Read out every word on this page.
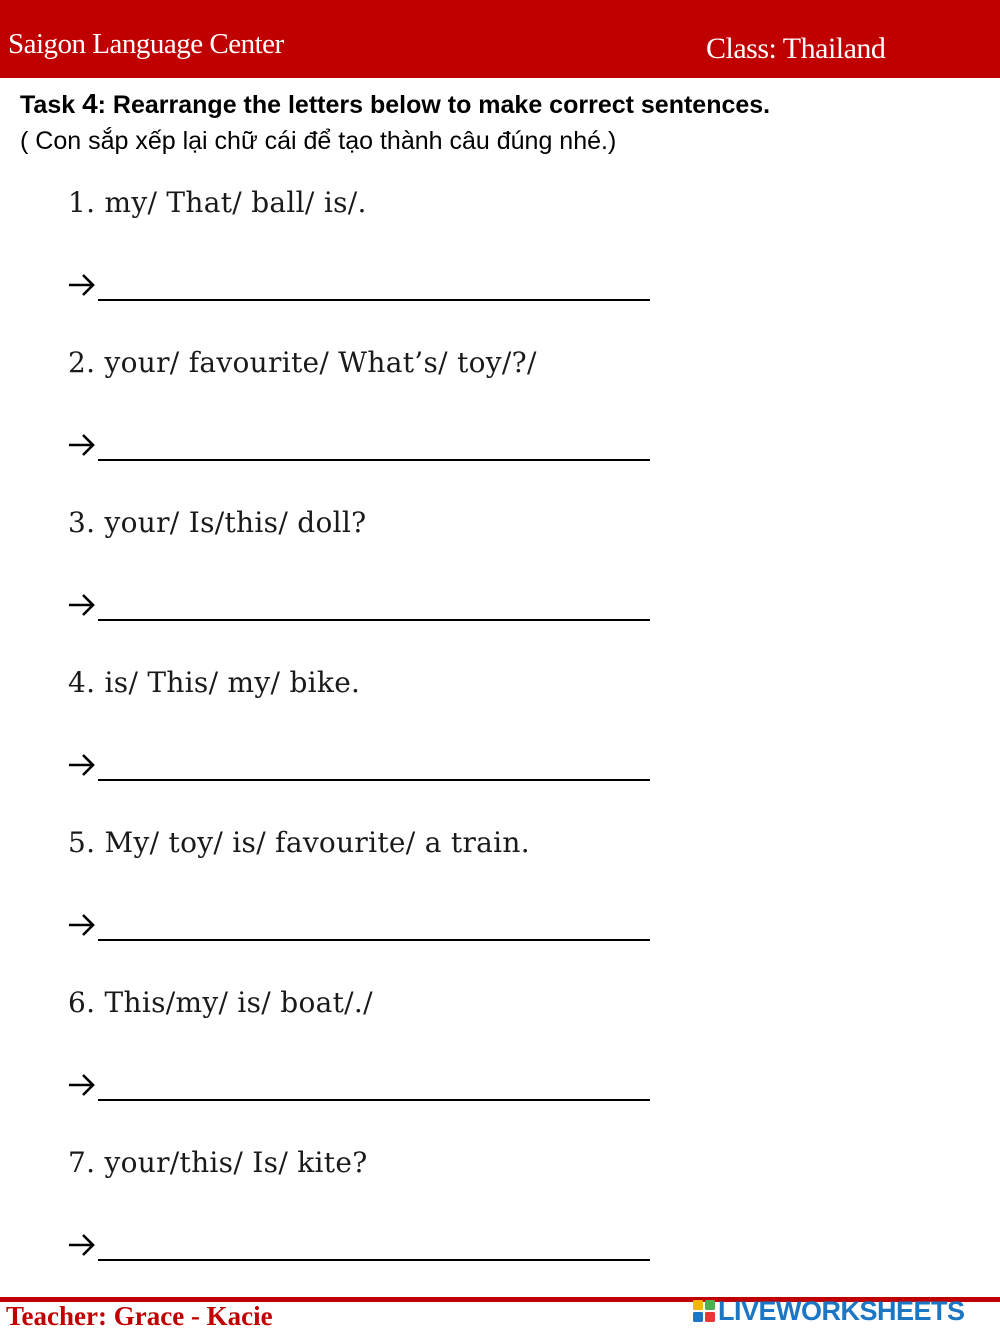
Saigon Language Center	Class: Thailand
Task 4: Rearrange the letters below to make correct sentences.
( Con sắp xếp lại chữ cái để tạo thành câu đúng nhé.)
1. my/ That/ ball/ is/.
2. your/ favourite/ What’s/ toy/?/
3. your/ Is/this/ doll?
4. is/ This/ my/ bike.
5. My/ toy/ is/ favourite/ a train.
6. This/my/ is/ boat/./
7. your/this/ Is/ kite?
Teacher: Grace - Kacie	LIVEWORKSHEETS
